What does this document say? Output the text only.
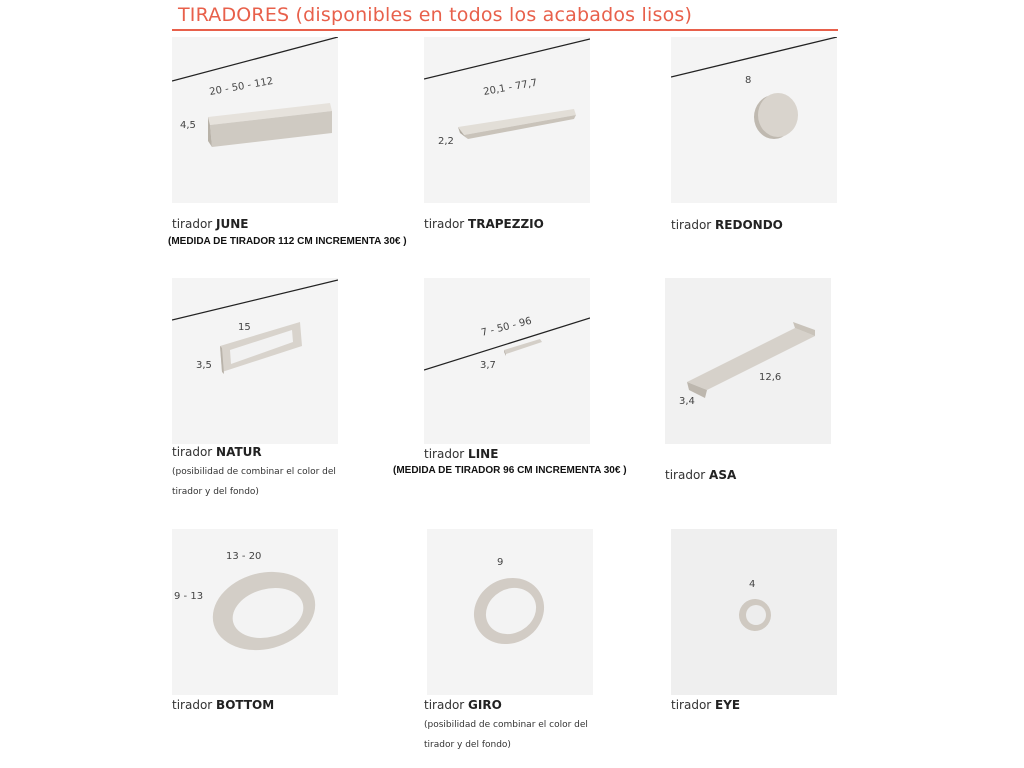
TIRADORES (disponibles en todos los acabados lisos)
20 - 50 - 112
4,5
tirador JUNE
(MEDIDA DE TIRADOR 112 CM INCREMENTA 30€ )
20,1 - 77,7
2,2
tirador TRAPEZZIO
8
tirador REDONDO
15
3,5
tirador NATUR
(posibilidad de combinar el color del
tirador y del fondo)
7 - 50 - 96
3,7
tirador LINE
(MEDIDA DE TIRADOR 96 CM INCREMENTA 30€ )
12,6
3,4
tirador ASA
13 - 20
9 - 13
tirador BOTTOM
9
tirador GIRO
(posibilidad de combinar el color del
tirador y del fondo)
4
tirador EYE
